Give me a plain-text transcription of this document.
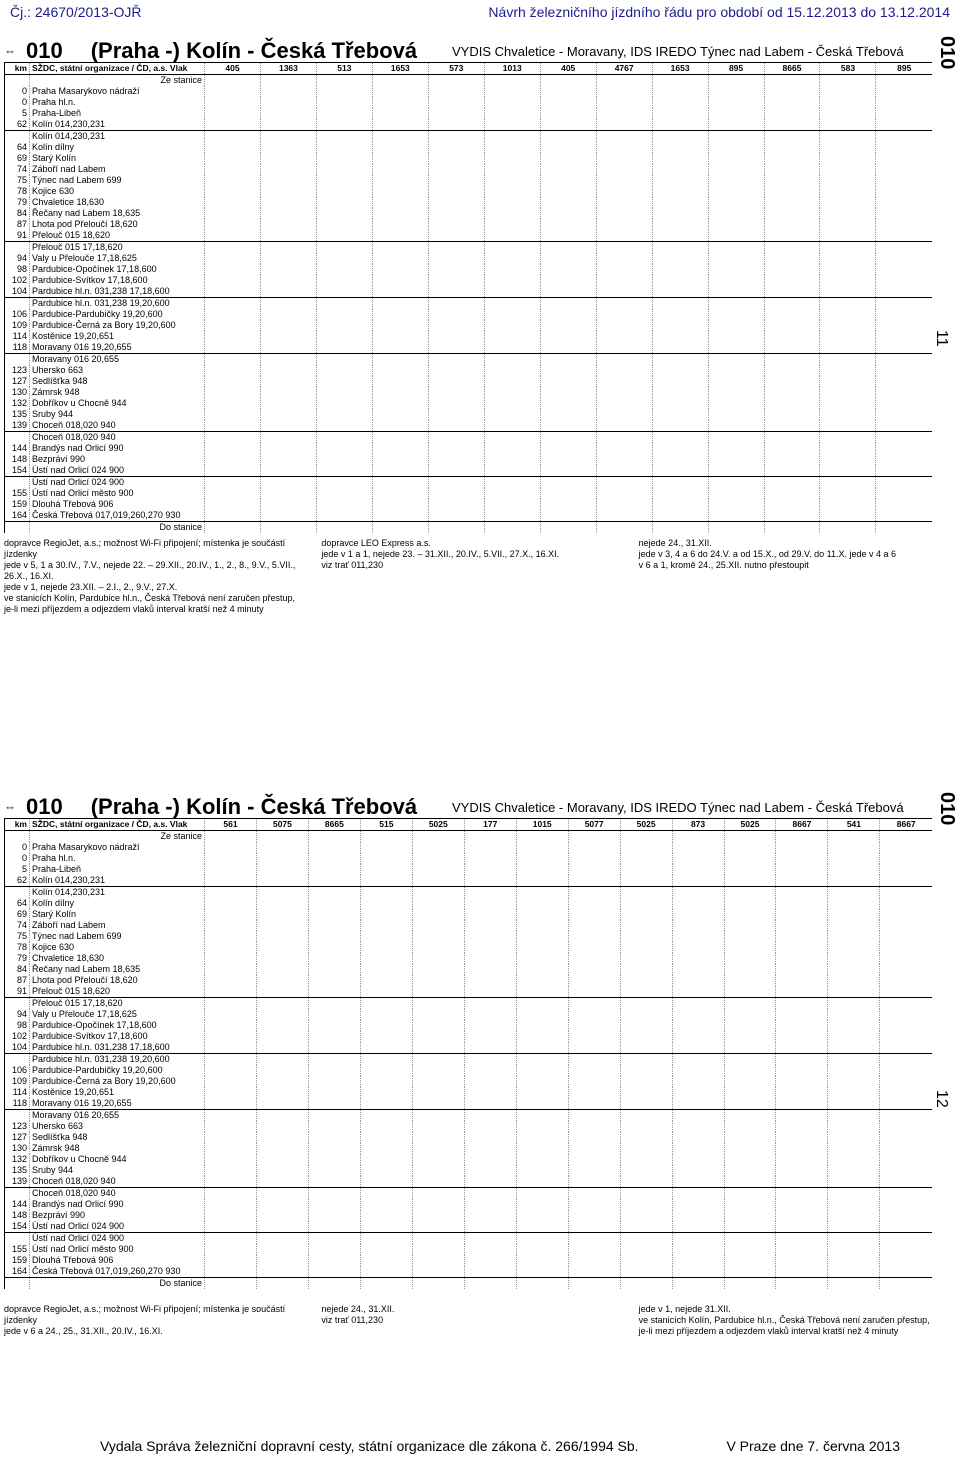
Čj.: 24670/2013-OJŘ	Návrh železničního jízdního řádu pro období od 15.12.2013 do 13.12.2014
⇔ 010 (Praha -) Kolín - Česká Třebová	VYDIS Chvaletice - Moravany, IDS IREDO Týnec nad Labem - Česká Třebová 010
11
km	SŽDC, státní organizace / ČD, a.s. Vlak	405	1363	513	1653	573	1013	405	4767	1653	895	8665	583	895
	Ze stanice													
0	Praha Masarykovo nádraží													
0	Praha hl.n.													
5	Praha-Libeň													
62	Kolín 014,230,231													
	Kolín 014,230,231													
64	Kolín dílny													
69	Starý Kolín													
74	Záboří nad Labem													
75	Týnec nad Labem 699													
78	Kojice 630													
79	Chvaletice 18,630													
84	Řečany nad Labem 18,635													
87	Lhota pod Přeloučí 18,620													
91	Přelouč 015 18,620													
	Přelouč 015 17,18,620													
94	Valy u Přelouče 17,18,625													
98	Pardubice-Opočínek 17,18,600													
102	Pardubice-Svítkov 17,18,600													
104	Pardubice hl.n. 031,238 17,18,600													
	Pardubice hl.n. 031,238 19,20,600													
106	Pardubice-Pardubičky 19,20,600													
109	Pardubice-Černá za Bory 19,20,600													
114	Kostěnice 19,20,651													
118	Moravany 016 19,20,655													
	Moravany 016 20,655													
123	Uhersko 663													
127	Sedlíšťka 948													
130	Zámrsk 948													
132	Dobříkov u Chocně 944													
135	Sruby 944													
139	Choceň 018,020 940													
	Choceň 018,020 940													
144	Brandýs nad Orlicí 990													
148	Bezpráví 990													
154	Ústí nad Orlicí 024 900													
	Ústí nad Orlicí 024 900													
155	Ústí nad Orlicí město 900													
159	Dlouhá Třebová 906													
164	Česká Třebová 017,019,260,270 930													
	Do stanice													
dopravce RegioJet, a.s.; možnost Wi-Fi připojení; místenka je součástí jízdenky
jede v 5, 1 a 30.IV., 7.V., nejede 22. – 29.XII., 20.IV., 1., 2., 8., 9.V., 5.VII., 26.X., 16.XI.
jede v 1, nejede 23.XII. – 2.I., 2., 9.V., 27.X.
ve stanicích Kolín, Pardubice hl.n., Česká Třebová není zaručen přestup, je-li mezi příjezdem a odjezdem vlaků interval kratší než 4 minuty
dopravce LEO Express a.s.
jede v 1 a 1, nejede 23. – 31.XII., 20.IV., 5.VII., 27.X., 16.XI.
viz trať 011,230
nejede 24., 31.XII.
jede v 3, 4 a 6 do 24.V. a od 15.X., od 29.V. do 11.X. jede v 4 a 6
v 6 a 1, kromě 24., 25.XII. nutno přestoupit
⇔ 010 (Praha -) Kolín - Česká Třebová	VYDIS Chvaletice - Moravany, IDS IREDO Týnec nad Labem - Česká Třebová 010
12
km	SŽDC, státní organizace / ČD, a.s. Vlak	561	5075	8665	515	5025	177	1015	5077	5025	873	5025	8667	541	8667
	Ze stanice														
0	Praha Masarykovo nádraží														
0	Praha hl.n.														
5	Praha-Libeň														
62	Kolín 014,230,231														
	Kolín 014,230,231														
64	Kolín dílny														
69	Starý Kolín														
74	Záboří nad Labem														
75	Týnec nad Labem 699														
78	Kojice 630														
79	Chvaletice 18,630														
84	Řečany nad Labem 18,635														
87	Lhota pod Přeloučí 18,620														
91	Přelouč 015 18,620														
	Přelouč 015 17,18,620														
94	Valy u Přelouče 17,18,625														
98	Pardubice-Opočínek 17,18,600														
102	Pardubice-Svítkov 17,18,600														
104	Pardubice hl.n. 031,238 17,18,600														
	Pardubice hl.n. 031,238 19,20,600														
106	Pardubice-Pardubičky 19,20,600														
109	Pardubice-Černá za Bory 19,20,600														
114	Kostěnice 19,20,651														
118	Moravany 016 19,20,655														
	Moravany 016 20,655														
123	Uhersko 663														
127	Sedlíšťka 948														
130	Zámrsk 948														
132	Dobříkov u Chocně 944														
135	Sruby 944														
139	Choceň 018,020 940														
	Choceň 018,020 940														
144	Brandýs nad Orlicí 990														
148	Bezpráví 990														
154	Ústí nad Orlicí 024 900														
	Ústí nad Orlicí 024 900														
155	Ústí nad Orlicí město 900														
159	Dlouhá Třebová 906														
164	Česká Třebová 017,019,260,270 930														
	Do stanice														
dopravce RegioJet, a.s.; možnost Wi-Fi připojení; místenka je součástí jízdenky
jede v 6 a 24., 25., 31.XII., 20.IV., 16.XI.
nejede 24., 31.XII.
viz trať 011,230
jede v 1, nejede 31.XII.
ve stanicích Kolín, Pardubice hl.n., Česká Třebová není zaručen přestup, je-li mezi příjezdem a odjezdem vlaků interval kratší než 4 minuty
Vydala Správa železniční dopravní cesty, státní organizace dle zákona č. 266/1994 Sb.	V Praze dne 7. června 2013
